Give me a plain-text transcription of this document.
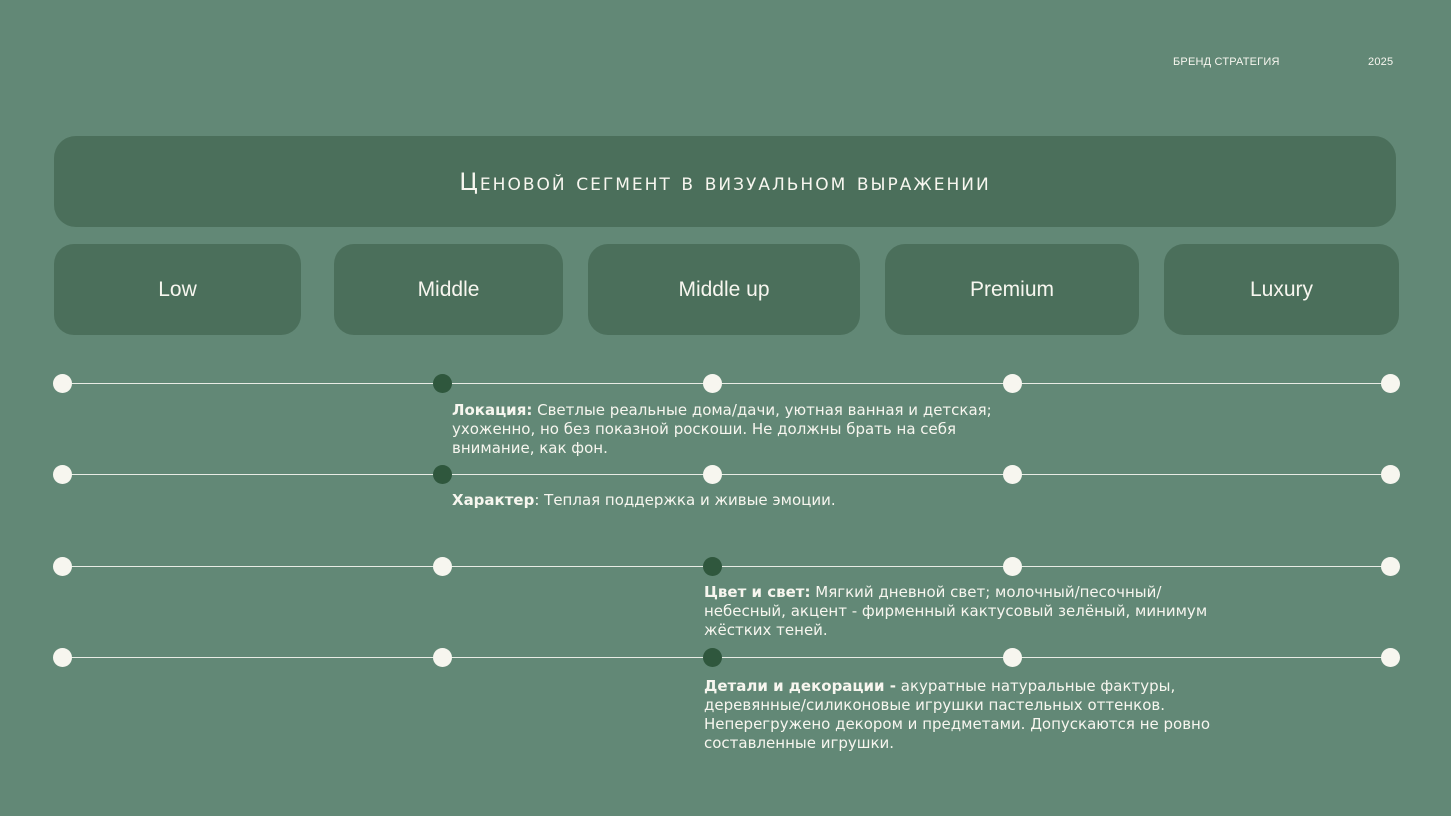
БРЕНД СТРАТЕГИЯ	2025
Ценовой сегмент в визуальном выражении
Low	Middle	Middle up	Premium	Luxury
Локация: Светлые реальные дома/дачи, уютная ванная и детская; ухоженно, но без показной роскоши. Не должны брать на себя внимание, как фон.
Характер: Теплая поддержка и живые эмоции.
Цвет и свет: Мягкий дневной свет; молочный/песочный/ небесный, акцент - фирменный кактусовый зелёный, минимум жёстких теней.
Детали и декорации - акуратные натуральные фактуры, деревянные/силиконовые игрушки пастельных оттенков. Неперегружено декором и предметами. Допускаются не ровно составленные игрушки.
